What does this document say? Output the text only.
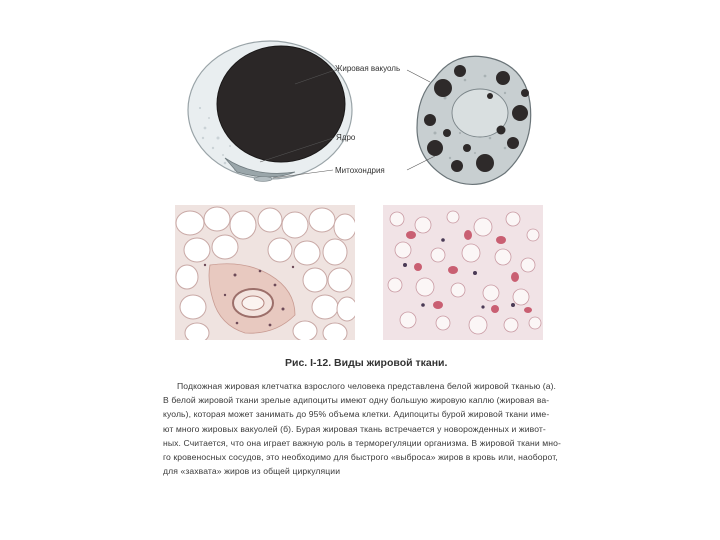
Жировая вакуоль
Ядро
Митохондрия
Рис. I-12. Виды жировой ткани.
Подкожная жировая клетчатка взрослого человека представлена белой жировой тканью (а).
В белой жировой ткани зрелые адипоциты имеют одну большую жировую каплю (жировая ва-
куоль), которая может занимать до 95% объема клетки. Адипоциты бурой жировой ткани име-
ют много жировых вакуолей (б). Бурая жировая ткань встречается у новорожденных и живот-
ных. Считается, что она играет важную роль в терморегуляции организма. В жировой ткани мно-
го кровеносных сосудов, это необходимо для быстрого «выброса» жиров в кровь или, наоборот,
для «захвата» жиров из общей циркуляции
